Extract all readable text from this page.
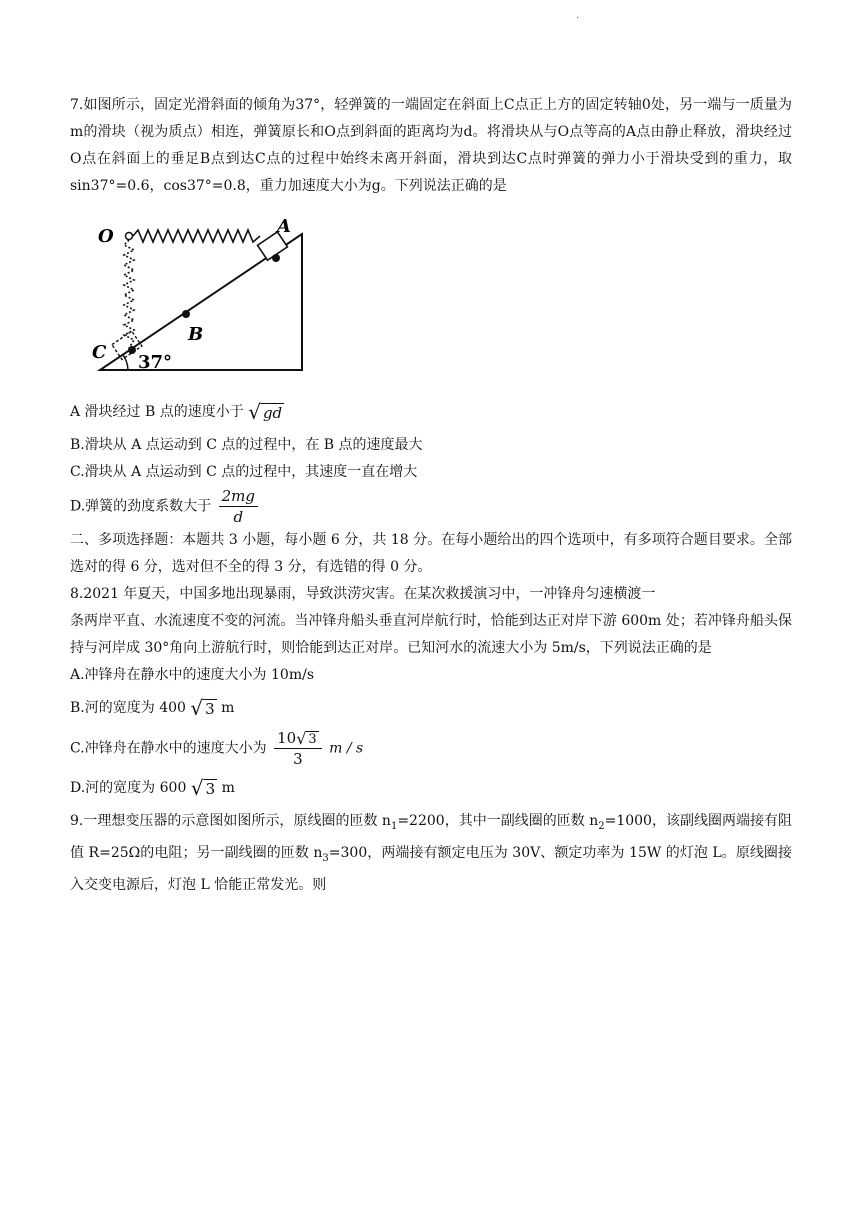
.

7.如图所示，固定光滑斜面的倾角为37°，轻弹簧的一端固定在斜面上C点正上方的固定转轴0处，另一端与一质量为m的滑块（视为质点）相连，弹簧原长和O点到斜面的距离均为d。将滑块从与O点等高的A点由静止释放，滑块经过O点在斜面上的垂足B点到达C点的过程中始终未离开斜面，滑块到达C点时弹簧的弹力小于滑块受到的重力，取sin37°=0.6，cos37°=0.8，重力加速度大小为g。下列说法正确的是

O	A
B
C 37°

A 滑块经过 B 点的速度小于 √ gd

B.滑块从 A 点运动到 C 点的过程中，在 B 点的速度最大

C.滑块从 A 点运动到 C 点的过程中，其速度一直在增大

D.弹簧的劲度系数大于 $\frac{2mg}{d}$

二、多项选择题：本题共 3 小题，每小题 6 分，共 18 分。在每小题给出的四个选项中，有多项符合题目要求。全部选对的得 6 分，选对但不全的得 3 分，有选错的得 0 分。

8.2021 年夏天，中国多地出现暴雨，导致洪涝灾害。在某次救援演习中，一冲锋舟匀速横渡一

条两岸平直、水流速度不变的河流。当冲锋舟船头垂直河岸航行时，恰能到达正对岸下游 600m 处；若冲锋舟船头保持与河岸成 30°角向上游航行时，则恰能到达正对岸。已知河水的流速大小为 5m/s，下列说法正确的是

A.冲锋舟在静水中的速度大小为 10m/s

B.河的宽度为 400 √ 3 m

C.冲锋舟在静水中的速度大小为 $\frac{10 √ 3}{3}$ m / s

D.河的宽度为 600 √ 3 m

9.一理想变压器的示意图如图所示，原线圈的匝数 $n_1=2200$，其中一副线圈的匝数 $n_2=1000$，该副线圈两端接有阻值 R=25Ω的电阻；另一副线圈的匝数 $n_3=300$，两端接有额定电压为 30V、额定功率为 15W 的灯泡 L。原线圈接入交变电源后，灯泡 L 恰能正常发光。则
